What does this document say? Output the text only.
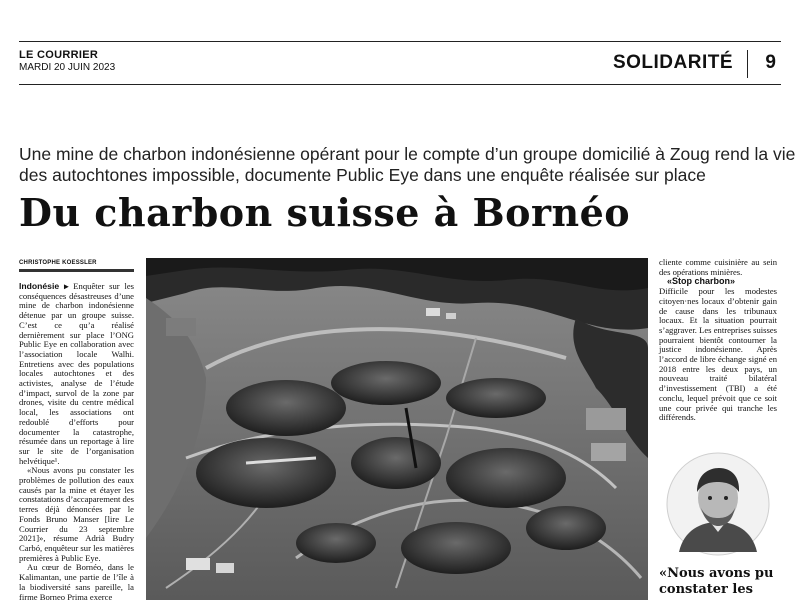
LE COURRIER
MARDI 20 JUIN 2023	SOLIDARITÉ 9
Une mine de charbon indonésienne opérant pour le compte d’un groupe domicilié à Zoug rend la vie des autochtones impossible, documente Public Eye dans une enquête réalisée sur place
Du charbon suisse à Bornéo
CHRISTOPHE KOESSLER

Indonésie ▸ Enquêter sur les conséquences désastreuses d’une mine de charbon indonésienne détenue par un groupe suisse. C’est ce qu’a réalisé dernièrement sur place l’ONG Public Eye en collaboration avec l’association locale Walhi. Entretiens avec des populations locales autochtones et des activistes, analyse de l’étude d’impact, survol de la zone par drones, visite du centre médical local, les associations ont redoublé d’efforts pour documenter la catastrophe, résumée dans un reportage à lire sur le site de l’organisation helvétique¹.

«Nous avons pu constater les problèmes de pollution des eaux causés par la mine et étayer les constatations d’accaparement des terres déjà dénoncées par le Fonds Bruno Manser [lire Le Courrier du 23 septembre 2021]», résume Adrià Budry Carbó, enquêteur sur les matières premières à Public Eye.

Au cœur de Bornéo, dans le Kalimantan, une partie de l’île à la biodiversité sans pareille, la firme Borneo Prima exerce

cliente comme cuisinière au sein des opérations minières.

«Stop charbon»

Difficile pour les modestes citoyen·nes locaux d’obtenir gain de cause dans les tribunaux locaux. Et la situation pourrait s’aggraver. Les entreprises suisses pourraient bientôt contourner la justice indonésienne. Après l’accord de libre échange signé en 2018 entre les deux pays, un nouveau traité bilatéral d’investissement (TBI) a été conclu, lequel prévoit que ce soit une cour privée qui tranche les différends.

«Nous avons pu constater les
